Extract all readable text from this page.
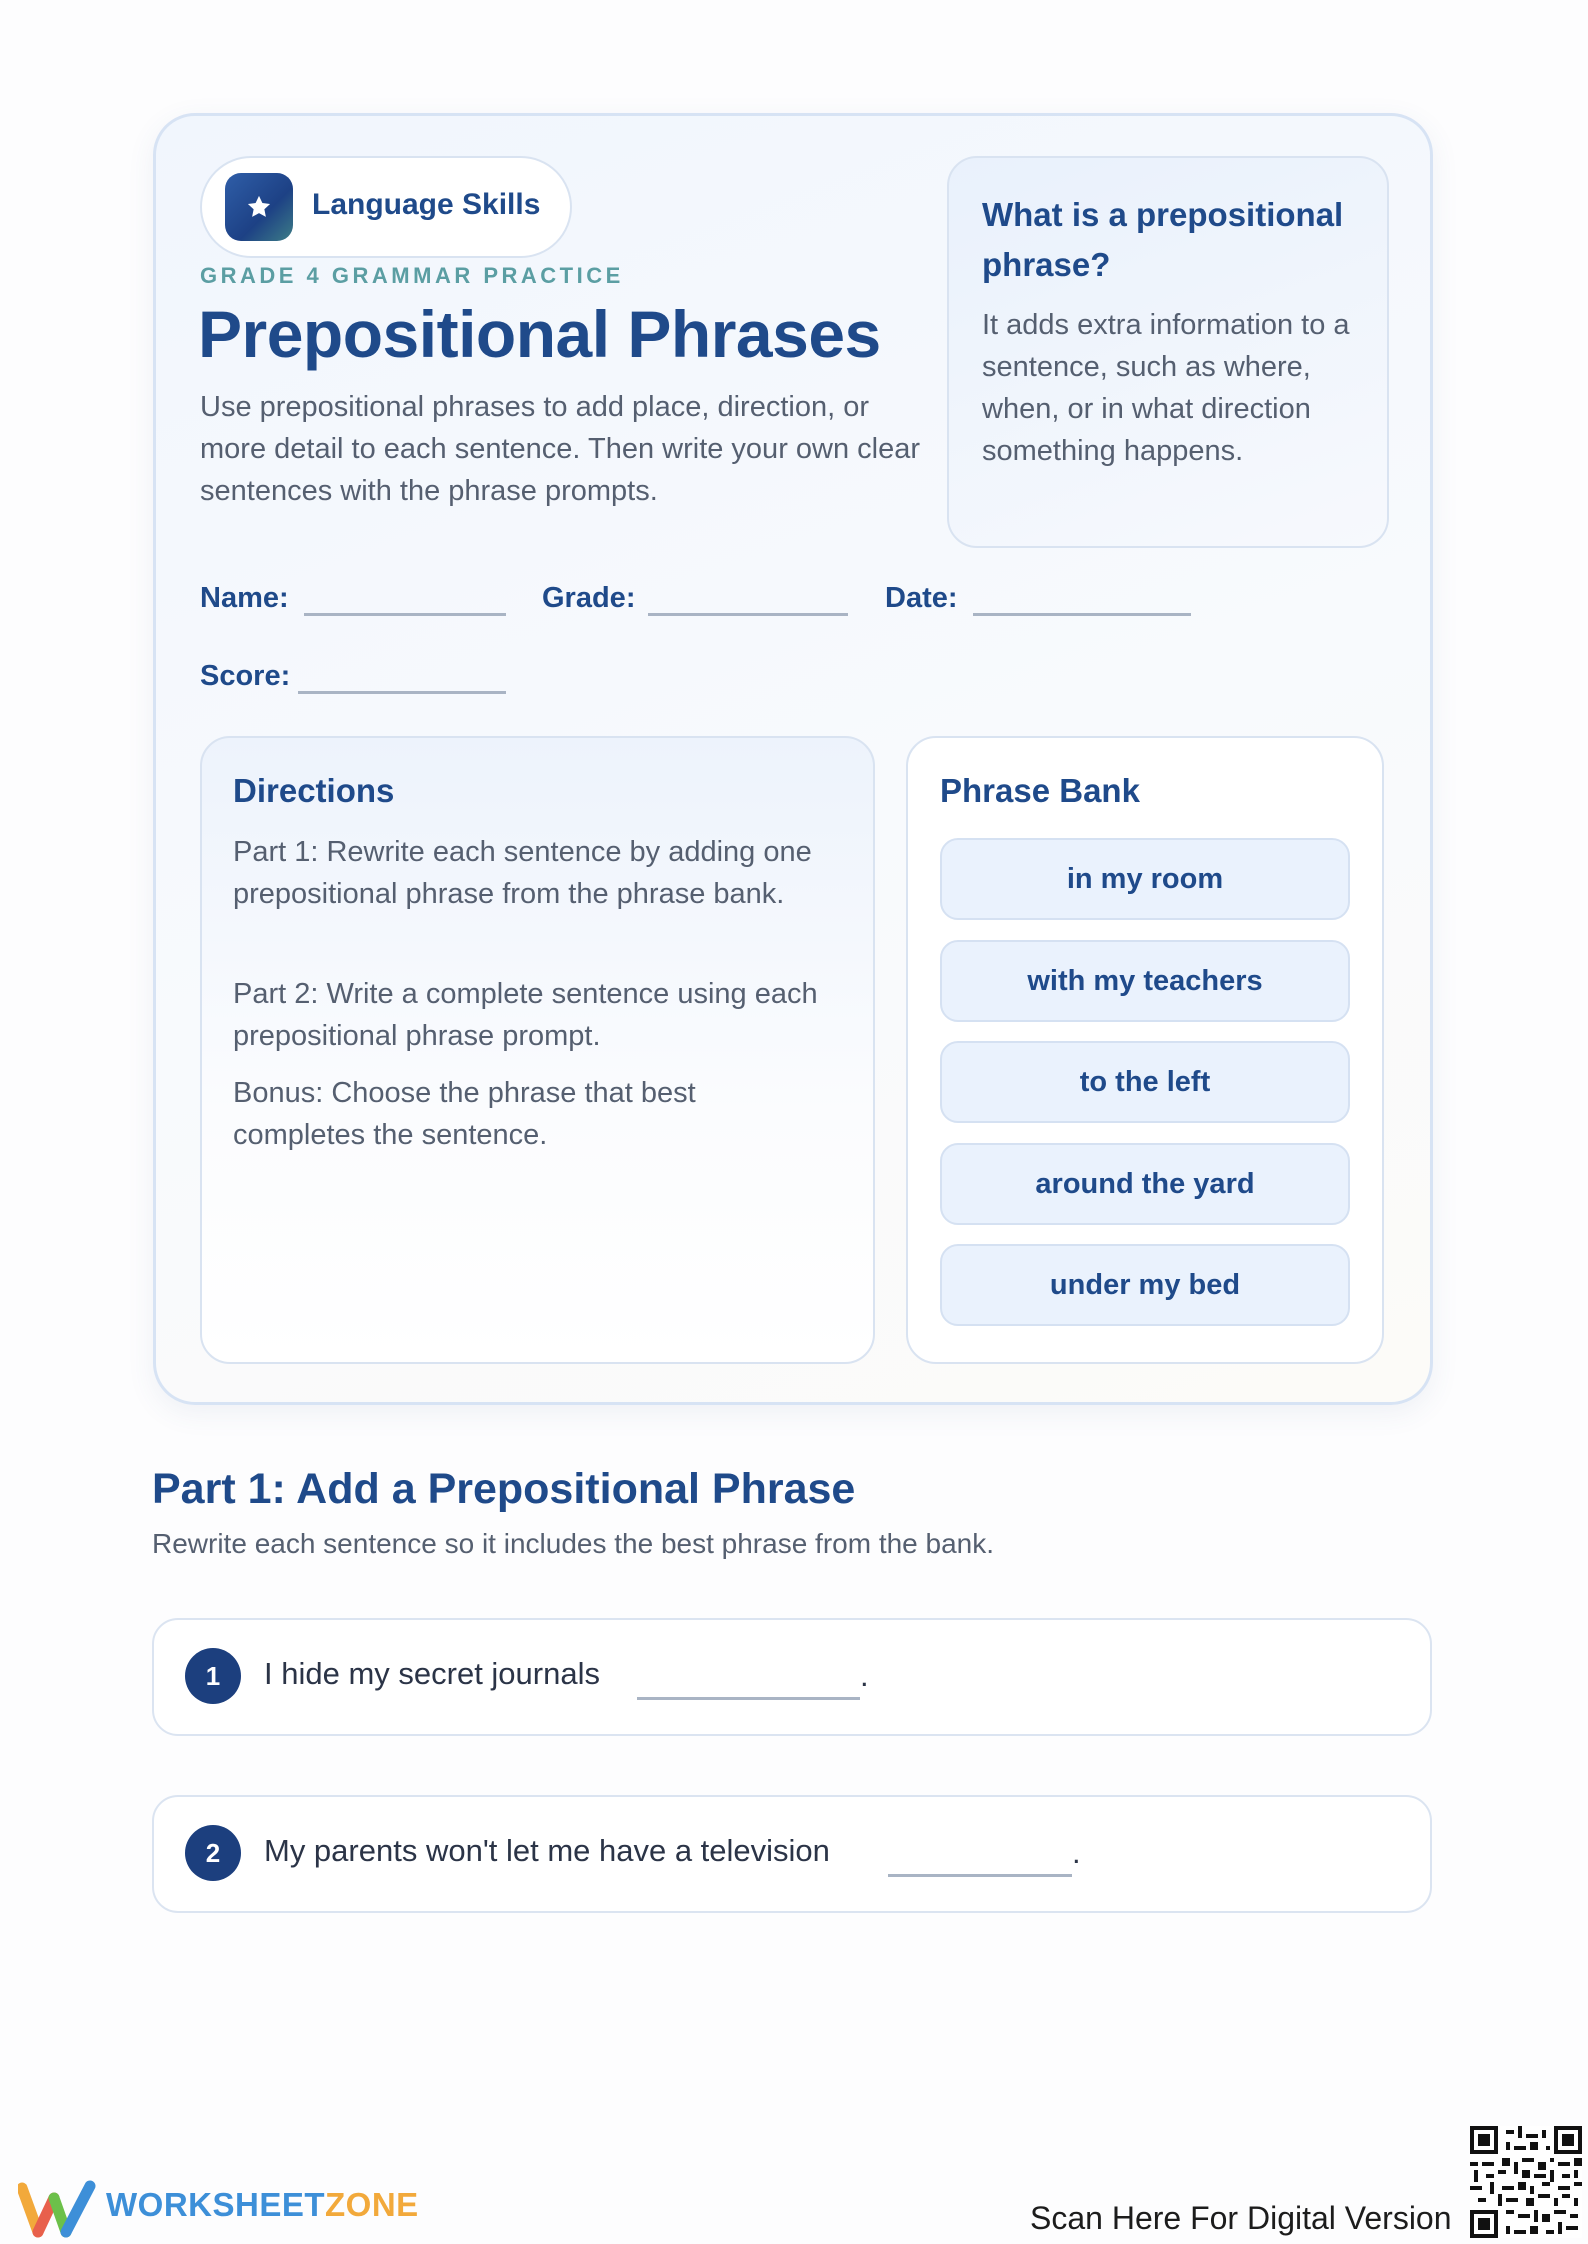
Language Skills
GRADE 4 GRAMMAR PRACTICE
Prepositional Phrases
Use prepositional phrases to add place, direction, or more detail to each sentence. Then write your own clear sentences with the phrase prompts.
What is a prepositional phrase?
It adds extra information to a sentence, such as where, when, or in what direction something happens.
Name:	Grade:	Date:
Score:
Directions
Part 1: Rewrite each sentence by adding one prepositional phrase from the phrase bank.
Part 2: Write a complete sentence using each prepositional phrase prompt.
Bonus: Choose the phrase that best completes the sentence.
Phrase Bank
in my room
with my teachers
to the left
around the yard
under my bed
Part 1: Add a Prepositional Phrase
Rewrite each sentence so it includes the best phrase from the bank.
1	I hide my secret journals	.
2	My parents won't let me have a television	.
WORKSHEETZONE	Scan Here For Digital Version
